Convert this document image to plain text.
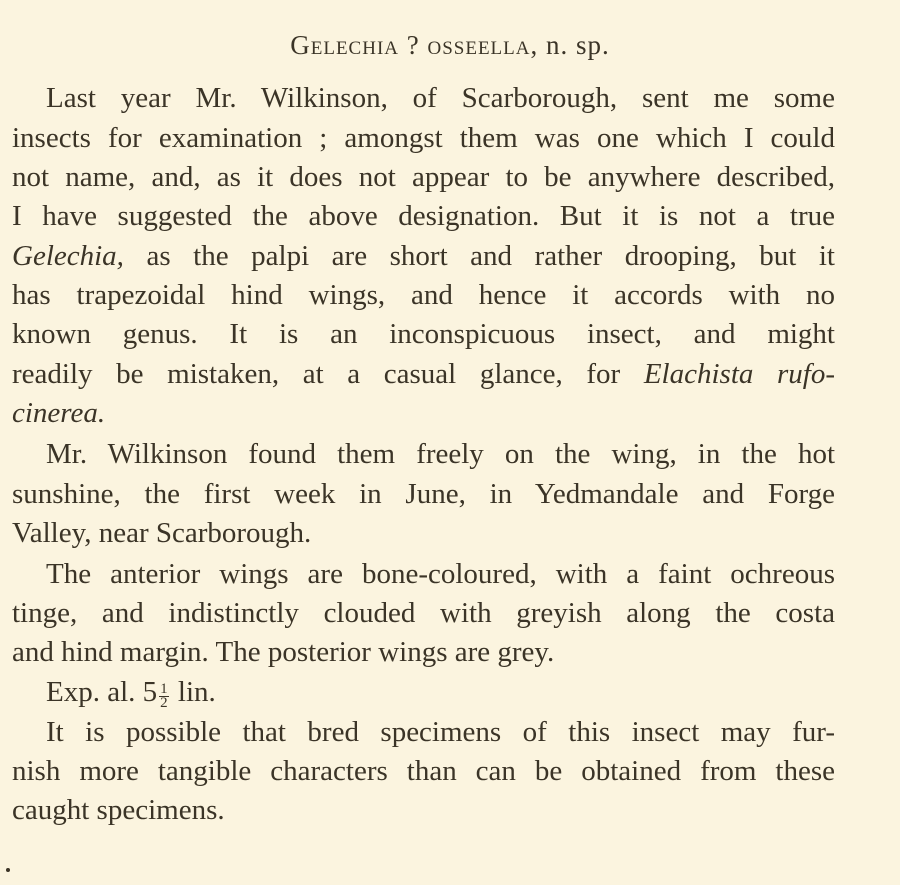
Gelechia ? osseella, n. sp.
Last year Mr. Wilkinson, of Scarborough, sent me some
insects for examination ; amongst them was one which I could
not name, and, as it does not appear to be anywhere described,
I have suggested the above designation. But it is not a true
Gelechia, as the palpi are short and rather drooping, but it
has trapezoidal hind wings, and hence it accords with no
known genus. It is an inconspicuous insect, and might
readily be mistaken, at a casual glance, for Elachista rufo-
cinerea.
Mr. Wilkinson found them freely on the wing, in the hot
sunshine, the first week in June, in Yedmandale and Forge
Valley, near Scarborough.
The anterior wings are bone-coloured, with a faint ochreous
tinge, and indistinctly clouded with greyish along the costa
and hind margin. The posterior wings are grey.
Exp. al. $5 \frac{1}{2}$ lin.
It is possible that bred specimens of this insect may fur-
nish more tangible characters than can be obtained from these
caught specimens.
